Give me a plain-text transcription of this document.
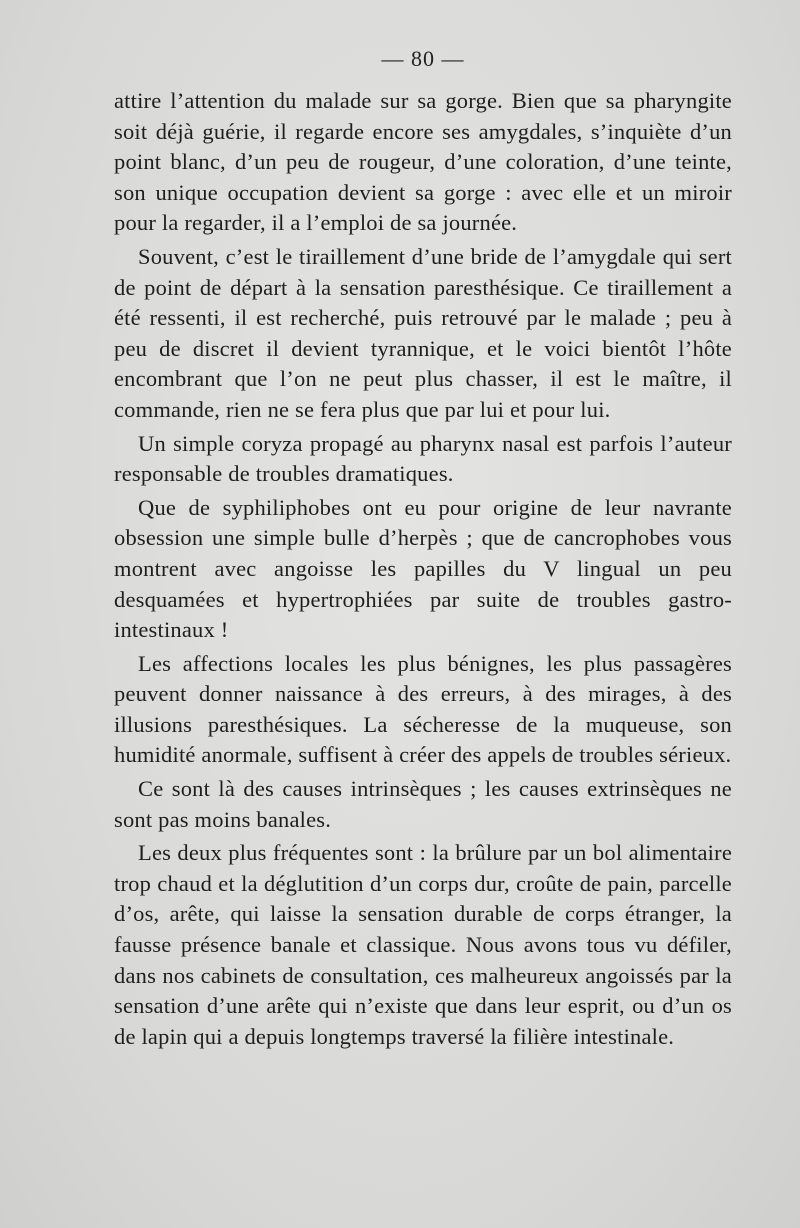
— 80 —

attire l’attention du malade sur sa gorge. Bien que sa pharyngite soit déjà guérie, il regarde encore ses amygdales, s’inquiète d’un point blanc, d’un peu de rougeur, d’une coloration, d’une teinte, son unique occupation devient sa gorge : avec elle et un miroir pour la regarder, il a l’emploi de sa journée.

Souvent, c’est le tiraillement d’une bride de l’amygdale qui sert de point de départ à la sensation paresthésique. Ce tiraillement a été ressenti, il est recherché, puis retrouvé par le malade ; peu à peu de discret il devient tyrannique, et le voici bientôt l’hôte encombrant que l’on ne peut plus chasser, il est le maître, il commande, rien ne se fera plus que par lui et pour lui.

Un simple coryza propagé au pharynx nasal est parfois l’auteur responsable de troubles dramatiques.

Que de syphiliphobes ont eu pour origine de leur navrante obsession une simple bulle d’herpès ; que de cancrophobes vous montrent avec angoisse les papilles du V lingual un peu desquamées et hypertrophiées par suite de troubles gastro-intestinaux !

Les affections locales les plus bénignes, les plus passagères peuvent donner naissance à des erreurs, à des mirages, à des illusions paresthésiques. La sécheresse de la muqueuse, son humidité anormale, suffisent à créer des appels de troubles sérieux.

Ce sont là des causes intrinsèques ; les causes extrinsèques ne sont pas moins banales.

Les deux plus fréquentes sont : la brûlure par un bol alimentaire trop chaud et la déglutition d’un corps dur, croûte de pain, parcelle d’os, arête, qui laisse la sensation durable de corps étranger, la fausse présence banale et classique. Nous avons tous vu défiler, dans nos cabinets de consultation, ces malheureux angoissés par la sensation d’une arête qui n’existe que dans leur esprit, ou d’un os de lapin qui a depuis longtemps traversé la filière intestinale.
